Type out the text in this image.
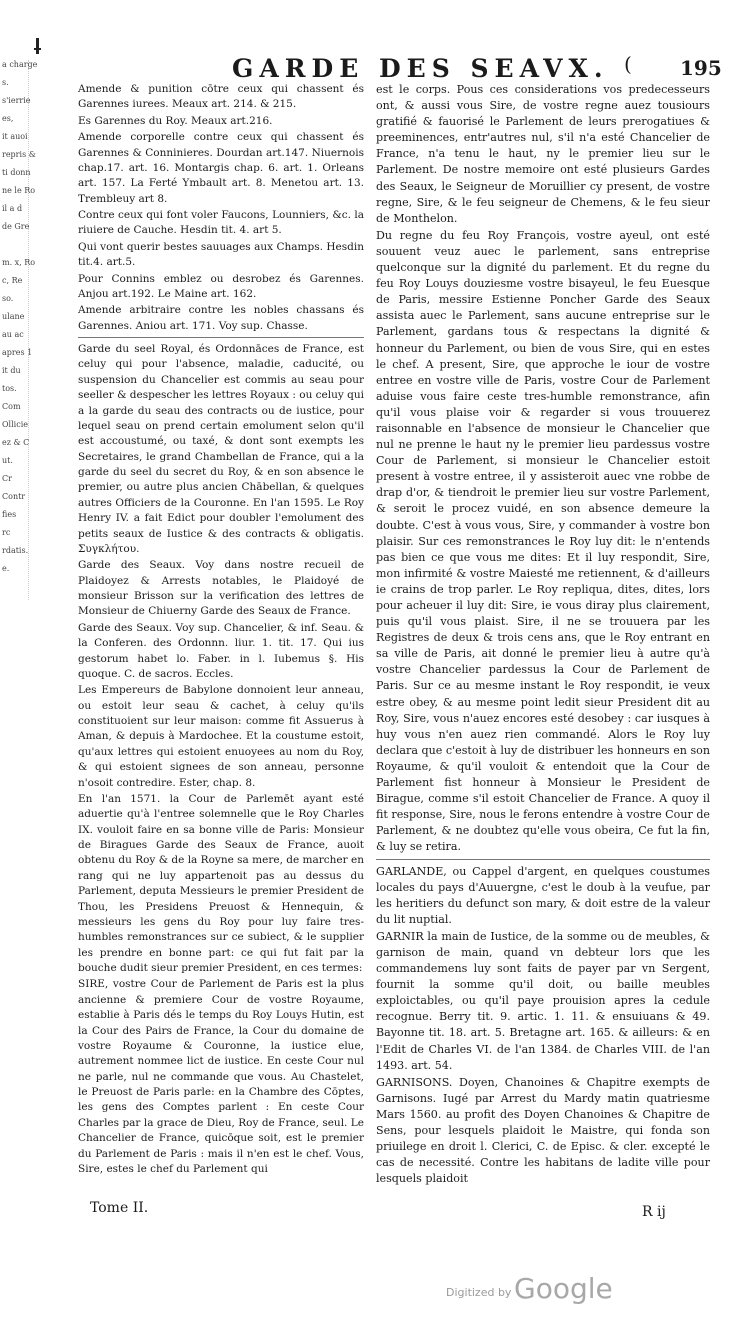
a charge
s.
s'ierrie
es,
it auoi
repris &
ti donn
ne le Ro
il a d
de Gre
m. x, Ro
c, Re
so.
ulane
au ac
apres 1
it du
tos.
Com
Ollicie
ez & C
ut.
Cr
Contr
fies
rc
rdatis.
e.
GARDE DES SEAVX. ( 195

Amende & punition cōtre ceux qui chassent és Garennes iurees. Meaux art. 214. & 215.

Es Garennes du Roy. Meaux art.216.

Amende corporelle contre ceux qui chassent és Garennes & Conninieres. Dourdan art.147. Niuernois chap.17. art. 16. Montargis chap. 6. art. 1. Orleans art. 157. La Ferté Ymbault art. 8. Menetou art. 13. Trembleuy art 8.

Contre ceux qui font voler Faucons, Lounniers, &c. la riuiere de Cauche. Hesdin tit. 4. art 5.

Qui vont querir bestes sauuages aux Champs. Hesdin tit.4. art.5.

Pour Connins emblez ou desrobez és Garennes. Anjou art.192. Le Maine art. 162.

Amende arbitraire contre les nobles chassans és Garennes. Aniou art. 171. Voy sup. Chasse.

Garde du seel Royal, és Ordonnāces de France, est celuy qui pour l'absence, maladie, caducité, ou suspension du Chancelier est commis au seau pour seeller & despescher les lettres Royaux : ou celuy qui a la garde du seau des contracts ou de iustice, pour lequel seau on prend certain emolument selon qu'il est accoustumé, ou taxé, & dont sont exempts les Secretaires, le grand Chambellan de France, qui a la garde du seel du secret du Roy, & en son absence le premier, ou autre plus ancien Chābellan, & quelques autres Officiers de la Couronne. En l'an 1595. Le Roy Henry IV. a fait Edict pour doubler l'emolument des petits seaux de Iustice & des contracts & obligatis. Συγκλήτου.

Garde des Seaux. Voy dans nostre recueil de Plaidoyez & Arrests notables, le Plaidoyé de monsieur Brisson sur la verification des lettres de Monsieur de Chiuerny Garde des Seaux de France.

Garde des Seaux. Voy sup. Chancelier, & inf. Seau. & la Conferen. des Ordonnn. liur. 1. tit. 17. Qui ius gestorum habet lo. Faber. in l. Iubemus §. His quoque. C. de sacros. Eccles.

Les Empereurs de Babylone donnoient leur anneau, ou estoit leur seau & cachet, à celuy qu'ils constituoient sur leur maison: comme fit Assuerus à Aman, & depuis à Mardochee. Et la coustume estoit, qu'aux lettres qui estoient enuoyees au nom du Roy, & qui estoient signees de son anneau, personne n'osoit contredire. Ester, chap. 8.

En l'an 1571. la Cour de Parlemēt ayant esté aduertie qu'à l'entree solemnelle que le Roy Charles IX. vouloit faire en sa bonne ville de Paris: Monsieur de Biragues Garde des Seaux de France, auoit obtenu du Roy & de la Royne sa mere, de marcher en rang qui ne luy appartenoit pas au dessus du Parlement, deputa Messieurs le premier President de Thou, les Presidens Preuost & Hennequin, & messieurs les gens du Roy pour luy faire tres-humbles remonstrances sur ce subiect, & le supplier les prendre en bonne part: ce qui fut fait par la bouche dudit sieur premier President, en ces termes:

SIRE, vostre Cour de Parlement de Paris est la plus ancienne & premiere Cour de vostre Royaume, establie à Paris dés le temps du Roy Louys Hutin, est la Cour des Pairs de France, la Cour du domaine de vostre Royaume & Couronne, la iustice elue, autrement nommee lict de iustice. En ceste Cour nul ne parle, nul ne commande que vous. Au Chastelet, le Preuost de Paris parle: en la Chambre des Cōptes, les gens des Comptes parlent : En ceste Cour Charles par la grace de Dieu, Roy de France, seul. Le Chancelier de France, quicōque soit, est le premier du Parlement de Paris : mais il n'en est le chef. Vous, Sire, estes le chef du Parlement qui

est le corps. Pous ces considerations vos predecesseurs ont, & aussi vous Sire, de vostre regne auez tousiours gratifié & fauorisé le Parlement de leurs prerogatiues & preeminences, entr'autres nul, s'il n'a esté Chancelier de France, n'a tenu le haut, ny le premier lieu sur le Parlement. De nostre memoire ont esté plusieurs Gardes des Seaux, le Seigneur de Moruillier cy present, de vostre regne, Sire, & le feu seigneur de Chemens, & le feu sieur de Monthelon.

Du regne du feu Roy François, vostre ayeul, ont esté souuent veuz auec le parlement, sans entreprise quelconque sur la dignité du parlement. Et du regne du feu Roy Louys douziesme vostre bisayeul, le feu Euesque de Paris, messire Estienne Poncher Garde des Seaux assista auec le Parlement, sans aucune entreprise sur le Parlement, gardans tous & respectans la dignité & honneur du Parlement, ou bien de vous Sire, qui en estes le chef. A present, Sire, que approche le iour de vostre entree en vostre ville de Paris, vostre Cour de Parlement aduise vous faire ceste tres-humble remonstrance, afin qu'il vous plaise voir & regarder si vous trouuerez raisonnable en l'absence de monsieur le Chancelier que nul ne prenne le haut ny le premier lieu pardessus vostre Cour de Parlement, si monsieur le Chancelier estoit present à vostre entree, il y assisteroit auec vne robbe de drap d'or, & tiendroit le premier lieu sur vostre Parlement, & seroit le procez vuidé, en son absence demeure la doubte. C'est à vous vous, Sire, y commander à vostre bon plaisir. Sur ces remonstrances le Roy luy dit: le n'entends pas bien ce que vous me dites: Et il luy respondit, Sire, mon infirmité & vostre Maiesté me retiennent, & d'ailleurs ie crains de trop parler. Le Roy repliqua, dites, dites, lors pour acheuer il luy dit: Sire, ie vous diray plus clairement, puis qu'il vous plaist. Sire, il ne se trouuera par les Registres de deux & trois cens ans, que le Roy entrant en sa ville de Paris, ait donné le premier lieu à autre qu'à vostre Chancelier pardessus la Cour de Parlement de Paris. Sur ce au mesme instant le Roy respondit, ie veux estre obey, & au mesme point ledit sieur President dit au Roy, Sire, vous n'auez encores esté desobey : car iusques à huy vous n'en auez rien commandé. Alors le Roy luy declara que c'estoit à luy de distribuer les honneurs en son Royaume, & qu'il vouloit & entendoit que la Cour de Parlement fist honneur à Monsieur le President de Birague, comme s'il estoit Chancelier de France. A quoy il fit response, Sire, nous le ferons entendre à vostre Cour de Parlement, & ne doubtez qu'elle vous obeira, Ce fut la fin, & luy se retira.

GARLANDE, ou Cappel d'argent, en quelques coustumes locales du pays d'Auuergne, c'est le doub à la veufue, par les heritiers du defunct son mary, & doit estre de la valeur du lit nuptial.

GARNIR la main de Iustice, de la somme ou de meubles, & garnison de main, quand vn debteur lors que les commandemens luy sont faits de payer par vn Sergent, fournit la somme qu'il doit, ou baille meubles exploictables, ou qu'il paye prouision apres la cedule recognue. Berry tit. 9. artic. 1. 11. & ensuiuans & 49. Bayonne tit. 18. art. 5. Bretagne art. 165. & ailleurs: & en l'Edit de Charles VI. de l'an 1384. de Charles VIII. de l'an 1493. art. 54.

GARNISONS. Doyen, Chanoines & Chapitre exempts de Garnisons. Iugé par Arrest du Mardy matin quatriesme Mars 1560. au profit des Doyen Chanoines & Chapitre de Sens, pour lesquels plaidoit le Maistre, qui fonda son priuilege en droit l. Clerici, C. de Episc. & cler. excepté le cas de necessité. Contre les habitans de ladite ville pour lesquels plaidoit

Tome II.	R ij
Digitized by Google
